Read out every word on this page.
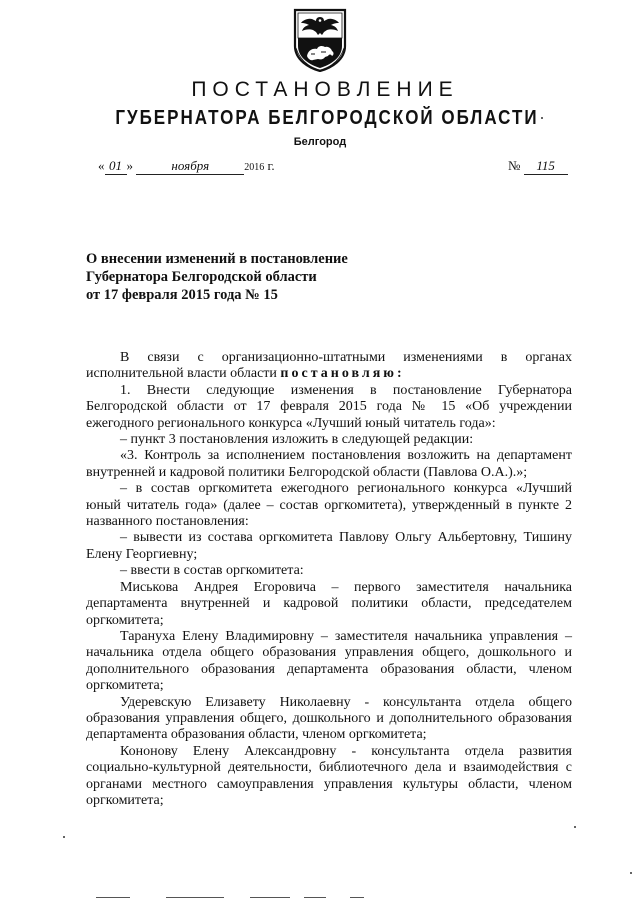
ПОСТАНОВЛЕНИЕ
ГУБЕРНАТОРА БЕЛГОРОДСКОЙ ОБЛАСТИ
Белгород
« 01 »	ноября	2016 г.	№ 115
О внесении изменений в постановление
Губернатора Белгородской области
от 17 февраля 2015 года № 15

В связи с организационно-штатными изменениями в органах исполнительной власти области постановляю:

1. Внести следующие изменения в постановление Губернатора Белгородской области от 17 февраля 2015 года № 15 «Об учреждении ежегодного регионального конкурса «Лучший юный читатель года»:

– пункт 3 постановления изложить в следующей редакции:

«3. Контроль за исполнением постановления возложить на департамент внутренней и кадровой политики Белгородской области (Павлова О.А.).»;

– в состав оргкомитета ежегодного регионального конкурса «Лучший юный читатель года» (далее – состав оргкомитета), утвержденный в пункте 2 названного постановления:

– вывести из состава оргкомитета Павлову Ольгу Альбертовну, Тишину Елену Георгиевну;

– ввести в состав оргкомитета:

Миськова Андрея Егоровича – первого заместителя начальника департамента внутренней и кадровой политики области, председателем оргкомитета;

Тарануха Елену Владимировну – заместителя начальника управления – начальника отдела общего образования управления общего, дошкольного и дополнительного образования департамента образования области, членом оргкомитета;

Удеревскую Елизавету Николаевну - консультанта отдела общего образования управления общего, дошкольного и дополнительного образования департамента образования области, членом оргкомитета;

Кононову Елену Александровну - консультанта отдела развития социально-культурной деятельности, библиотечного дела и взаимодействия с органами местного самоуправления управления культуры области, членом оргкомитета;
